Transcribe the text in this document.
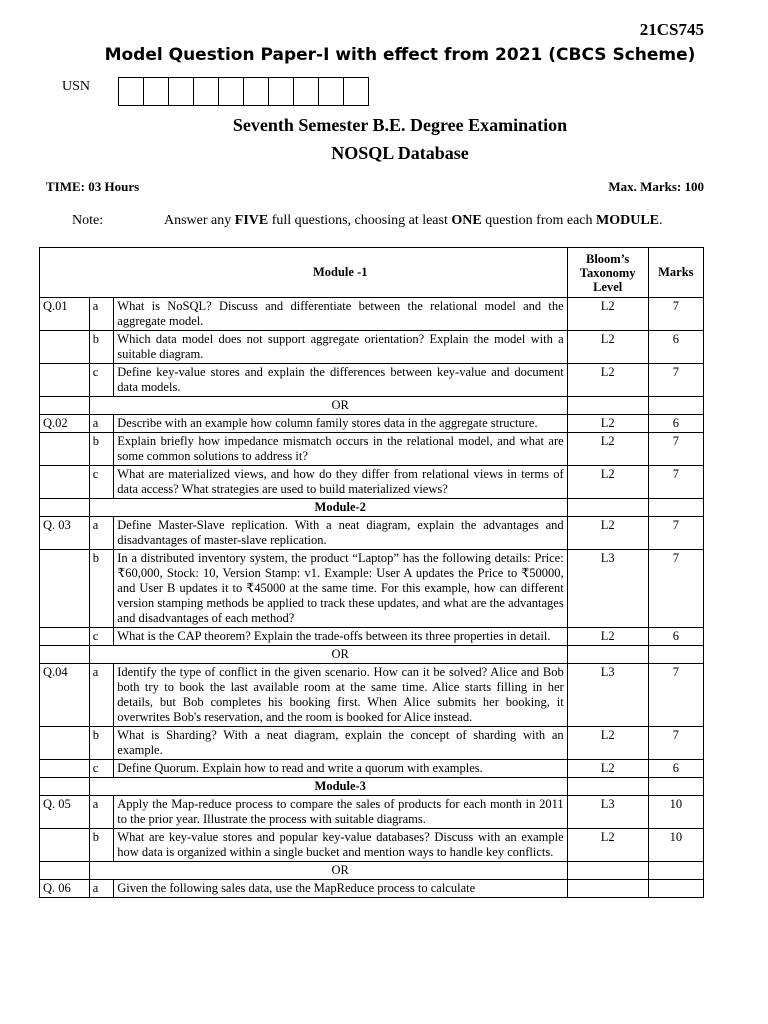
21CS745
Model Question Paper-I with effect from 2021 (CBCS Scheme)
USN
Seventh Semester B.E. Degree Examination
NOSQL Database
TIME: 03 Hours	Max. Marks: 100
Note:	Answer any FIVE full questions, choosing at least ONE question from each MODULE.
		Module -1	Bloom’s Taxonomy Level	Marks
Q.01	a	What is NoSQL? Discuss and differentiate between the relational model and the aggregate model.	L2	7
	b	Which data model does not support aggregate orientation? Explain the model with a suitable diagram.	L2	6
	c	Define key-value stores and explain the differences between key-value and document data models.	L2	7
		OR		
Q.02	a	Describe with an example how column family stores data in the aggregate structure.	L2	6
	b	Explain briefly how impedance mismatch occurs in the relational model, and what are some common solutions to address it?	L2	7
	c	What are materialized views, and how do they differ from relational views in terms of data access? What strategies are used to build materialized views?	L2	7
		Module-2		
Q. 03	a	Define Master-Slave replication. With a neat diagram, explain the advantages and disadvantages of master-slave replication.	L2	7
	b	In a distributed inventory system, the product “Laptop” has the following details: Price: ₹60,000, Stock: 10, Version Stamp: v1. Example: User A updates the Price to ₹50000, and User B updates it to ₹45000 at the same time. For this example, how can different version stamping methods be applied to track these updates, and what are the advantages and disadvantages of each method?	L3	7
	c	What is the CAP theorem? Explain the trade-offs between its three properties in detail.	L2	6
		OR		
Q.04	a	Identify the type of conflict in the given scenario. How can it be solved? Alice and Bob both try to book the last available room at the same time. Alice starts filling in her details, but Bob completes his booking first. When Alice submits her booking, it overwrites Bob's reservation, and the room is booked for Alice instead.	L3	7
	b	What is Sharding? With a neat diagram, explain the concept of sharding with an example.	L2	7
	c	Define Quorum. Explain how to read and write a quorum with examples.	L2	6
		Module-3		
Q. 05	a	Apply the Map-reduce process to compare the sales of products for each month in 2011 to the prior year. Illustrate the process with suitable diagrams.	L3	10
	b	What are key-value stores and popular key-value databases? Discuss with an example how data is organized within a single bucket and mention ways to handle key conflicts.	L2	10
		OR		
Q. 06	a	Given the following sales data, use the MapReduce process to calculate		
